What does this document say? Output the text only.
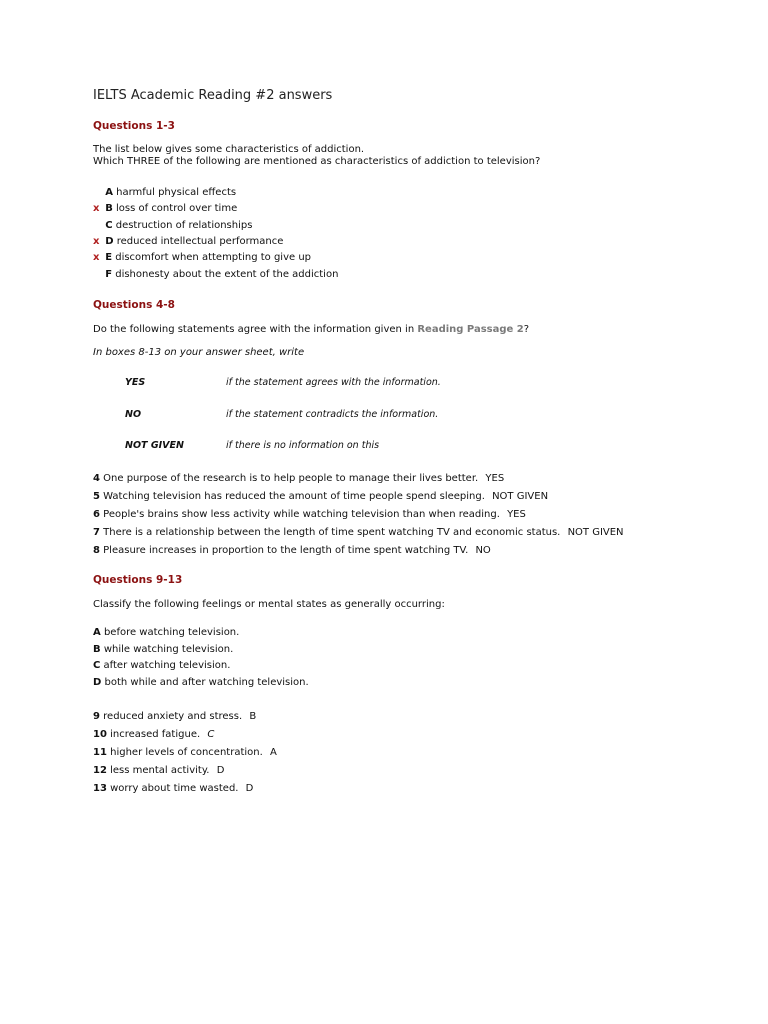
IELTS Academic Reading #2 answers
Questions 1-3
The list below gives some characteristics of addiction.
Which THREE of the following are mentioned as characteristics of addiction to television?
A harmful physical effects
x B loss of control over time
C destruction of relationships
x D reduced intellectual performance
x E discomfort when attempting to give up
F dishonesty about the extent of the addiction
Questions 4-8
Do the following statements agree with the information given in Reading Passage 2?
In boxes 8-13 on your answer sheet, write
YES	if the statement agrees with the information.
NO	if the statement contradicts the information.
NOT GIVEN	if there is no information on this
4 One purpose of the research is to help people to manage their lives better. YES
5 Watching television has reduced the amount of time people spend sleeping. NOT GIVEN
6 People's brains show less activity while watching television than when reading. YES
7 There is a relationship between the length of time spent watching TV and economic status. NOT GIVEN
8 Pleasure increases in proportion to the length of time spent watching TV. NO
Questions 9-13
Classify the following feelings or mental states as generally occurring:
A before watching television.
B while watching television.
C after watching television.
D both while and after watching television.
9 reduced anxiety and stress. B
10 increased fatigue. C
11 higher levels of concentration. A
12 less mental activity. D
13 worry about time wasted. D
